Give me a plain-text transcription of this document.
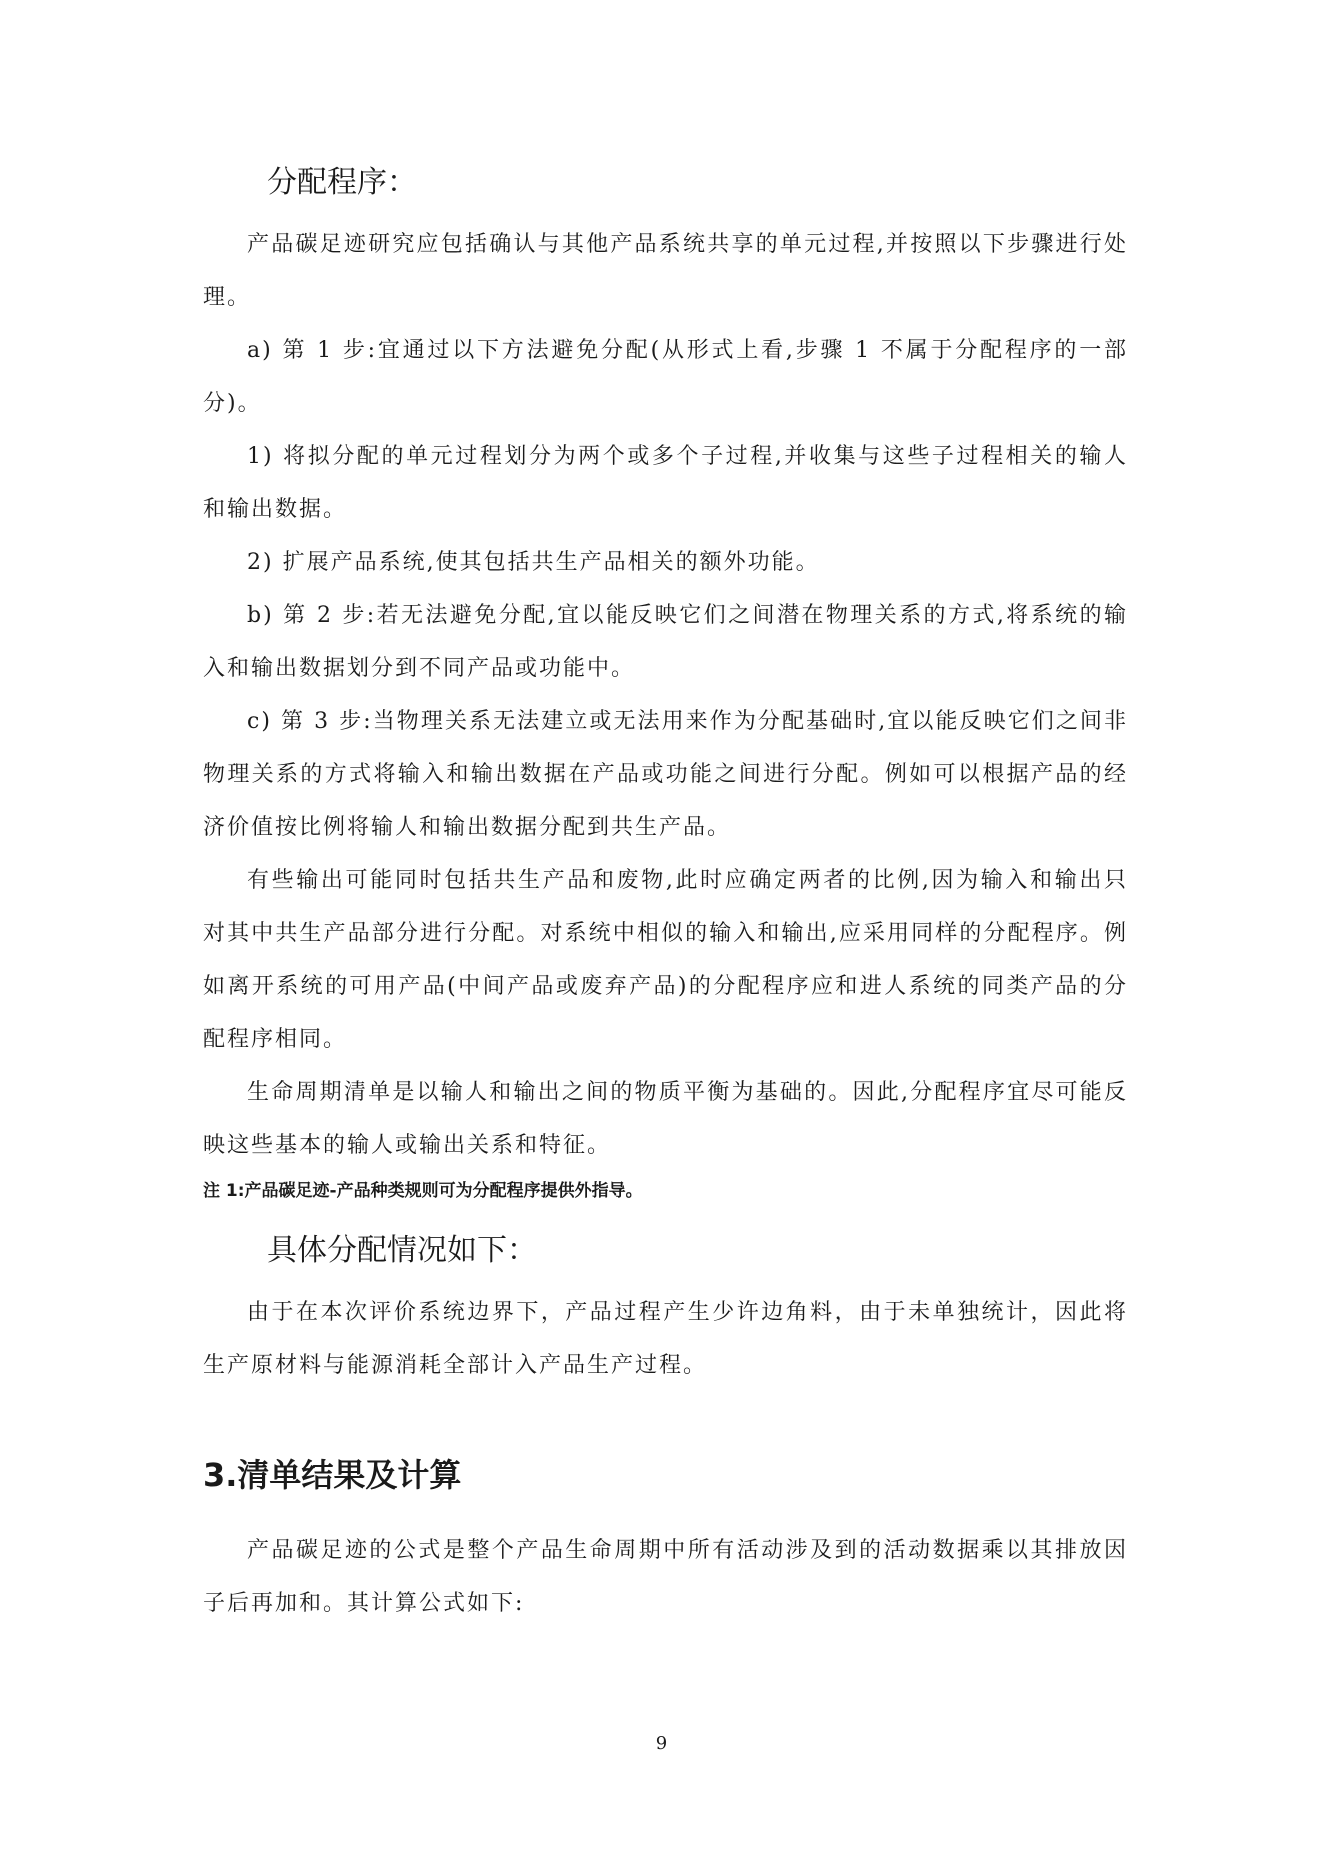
分配程序：

产品碳足迹研究应包括确认与其他产品系统共享的单元过程,并按照以下步骤进行处理。

a) 第 1 步:宜通过以下方法避免分配(从形式上看,步骤 1 不属于分配程序的一部分)。

1) 将拟分配的单元过程划分为两个或多个子过程,并收集与这些子过程相关的输人和输出数据。

2) 扩展产品系统,使其包括共生产品相关的额外功能。

b) 第 2 步:若无法避免分配,宜以能反映它们之间潜在物理关系的方式,将系统的输入和输出数据划分到不同产品或功能中。

c) 第 3 步:当物理关系无法建立或无法用来作为分配基础时,宜以能反映它们之间非物理关系的方式将输入和输出数据在产品或功能之间进行分配。例如可以根据产品的经济价值按比例将输人和输出数据分配到共生产品。

有些输出可能同时包括共生产品和废物,此时应确定两者的比例,因为输入和输出只对其中共生产品部分进行分配。对系统中相似的输入和输出,应采用同样的分配程序。例如离开系统的可用产品(中间产品或废弃产品)的分配程序应和进人系统的同类产品的分配程序相同。

生命周期清单是以输人和输出之间的物质平衡为基础的。因此,分配程序宜尽可能反映这些基本的输人或输出关系和特征。

注 1:产品碳足迹-产品种类规则可为分配程序提供外指导。

具体分配情况如下：

由于在本次评价系统边界下，产品过程产生少许边角料，由于未单独统计，因此将生产原材料与能源消耗全部计入产品生产过程。

3.清单结果及计算

产品碳足迹的公式是整个产品生命周期中所有活动涉及到的活动数据乘以其排放因子后再加和。其计算公式如下:

9
